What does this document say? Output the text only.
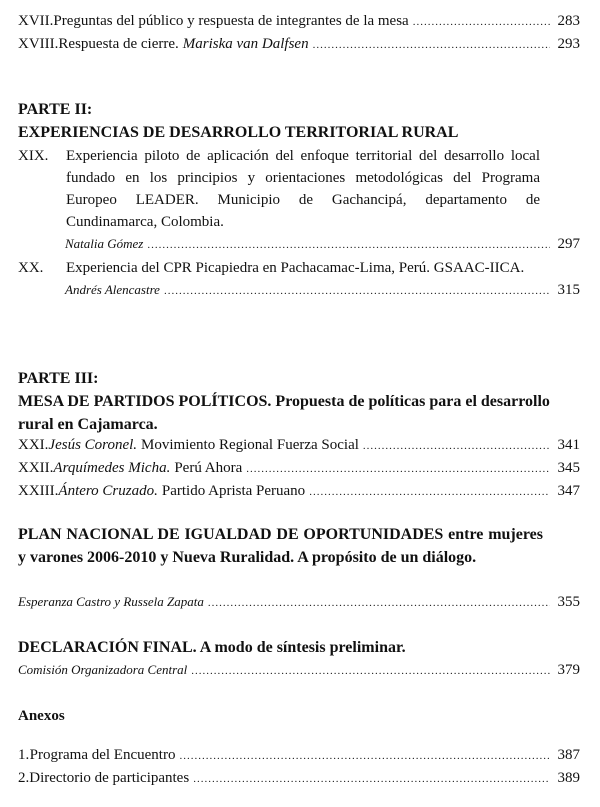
XVII. Preguntas del público y respuesta de integrantes de la mesa .....	283
XVIII. Respuesta de cierre. Mariska van Dalfsen .....	293
PARTE II:
EXPERIENCIAS DE DESARROLLO TERRITORIAL RURAL
XIX.	Experiencia piloto de aplicación del enfoque territorial del desarrollo local fundado en los principios y orientaciones metodológicas del Programa Europeo LEADER. Municipio de Gachancipá, departamento de Cundinamarca, Colombia.
Natalia Gómez .....	297
XX.	Experiencia del CPR Picapiedra en Pachacamac-Lima, Perú. GSAAC-IICA.
Andrés Alencastre .....	315
PARTE III:
MESA DE PARTIDOS POLÍTICOS. Propuesta de políticas para el desarrollo rural en Cajamarca.
XXI. Jesús Coronel. Movimiento Regional Fuerza Social .....	341
XXII. Arquímedes Micha. Perú Ahora .....	345
XXIII. Ántero Cruzado. Partido Aprista Peruano .....	347
PLAN NACIONAL DE IGUALDAD DE OPORTUNIDADES entre mujeres y varones 2006-2010 y Nueva Ruralidad. A propósito de un diálogo.
Esperanza Castro y Russela Zapata .....	355
DECLARACIÓN FINAL. A modo de síntesis preliminar.
Comisión Organizadora Central .....	379
Anexos
1. Programa del Encuentro .....	387
2. Directorio de participantes .....	389
